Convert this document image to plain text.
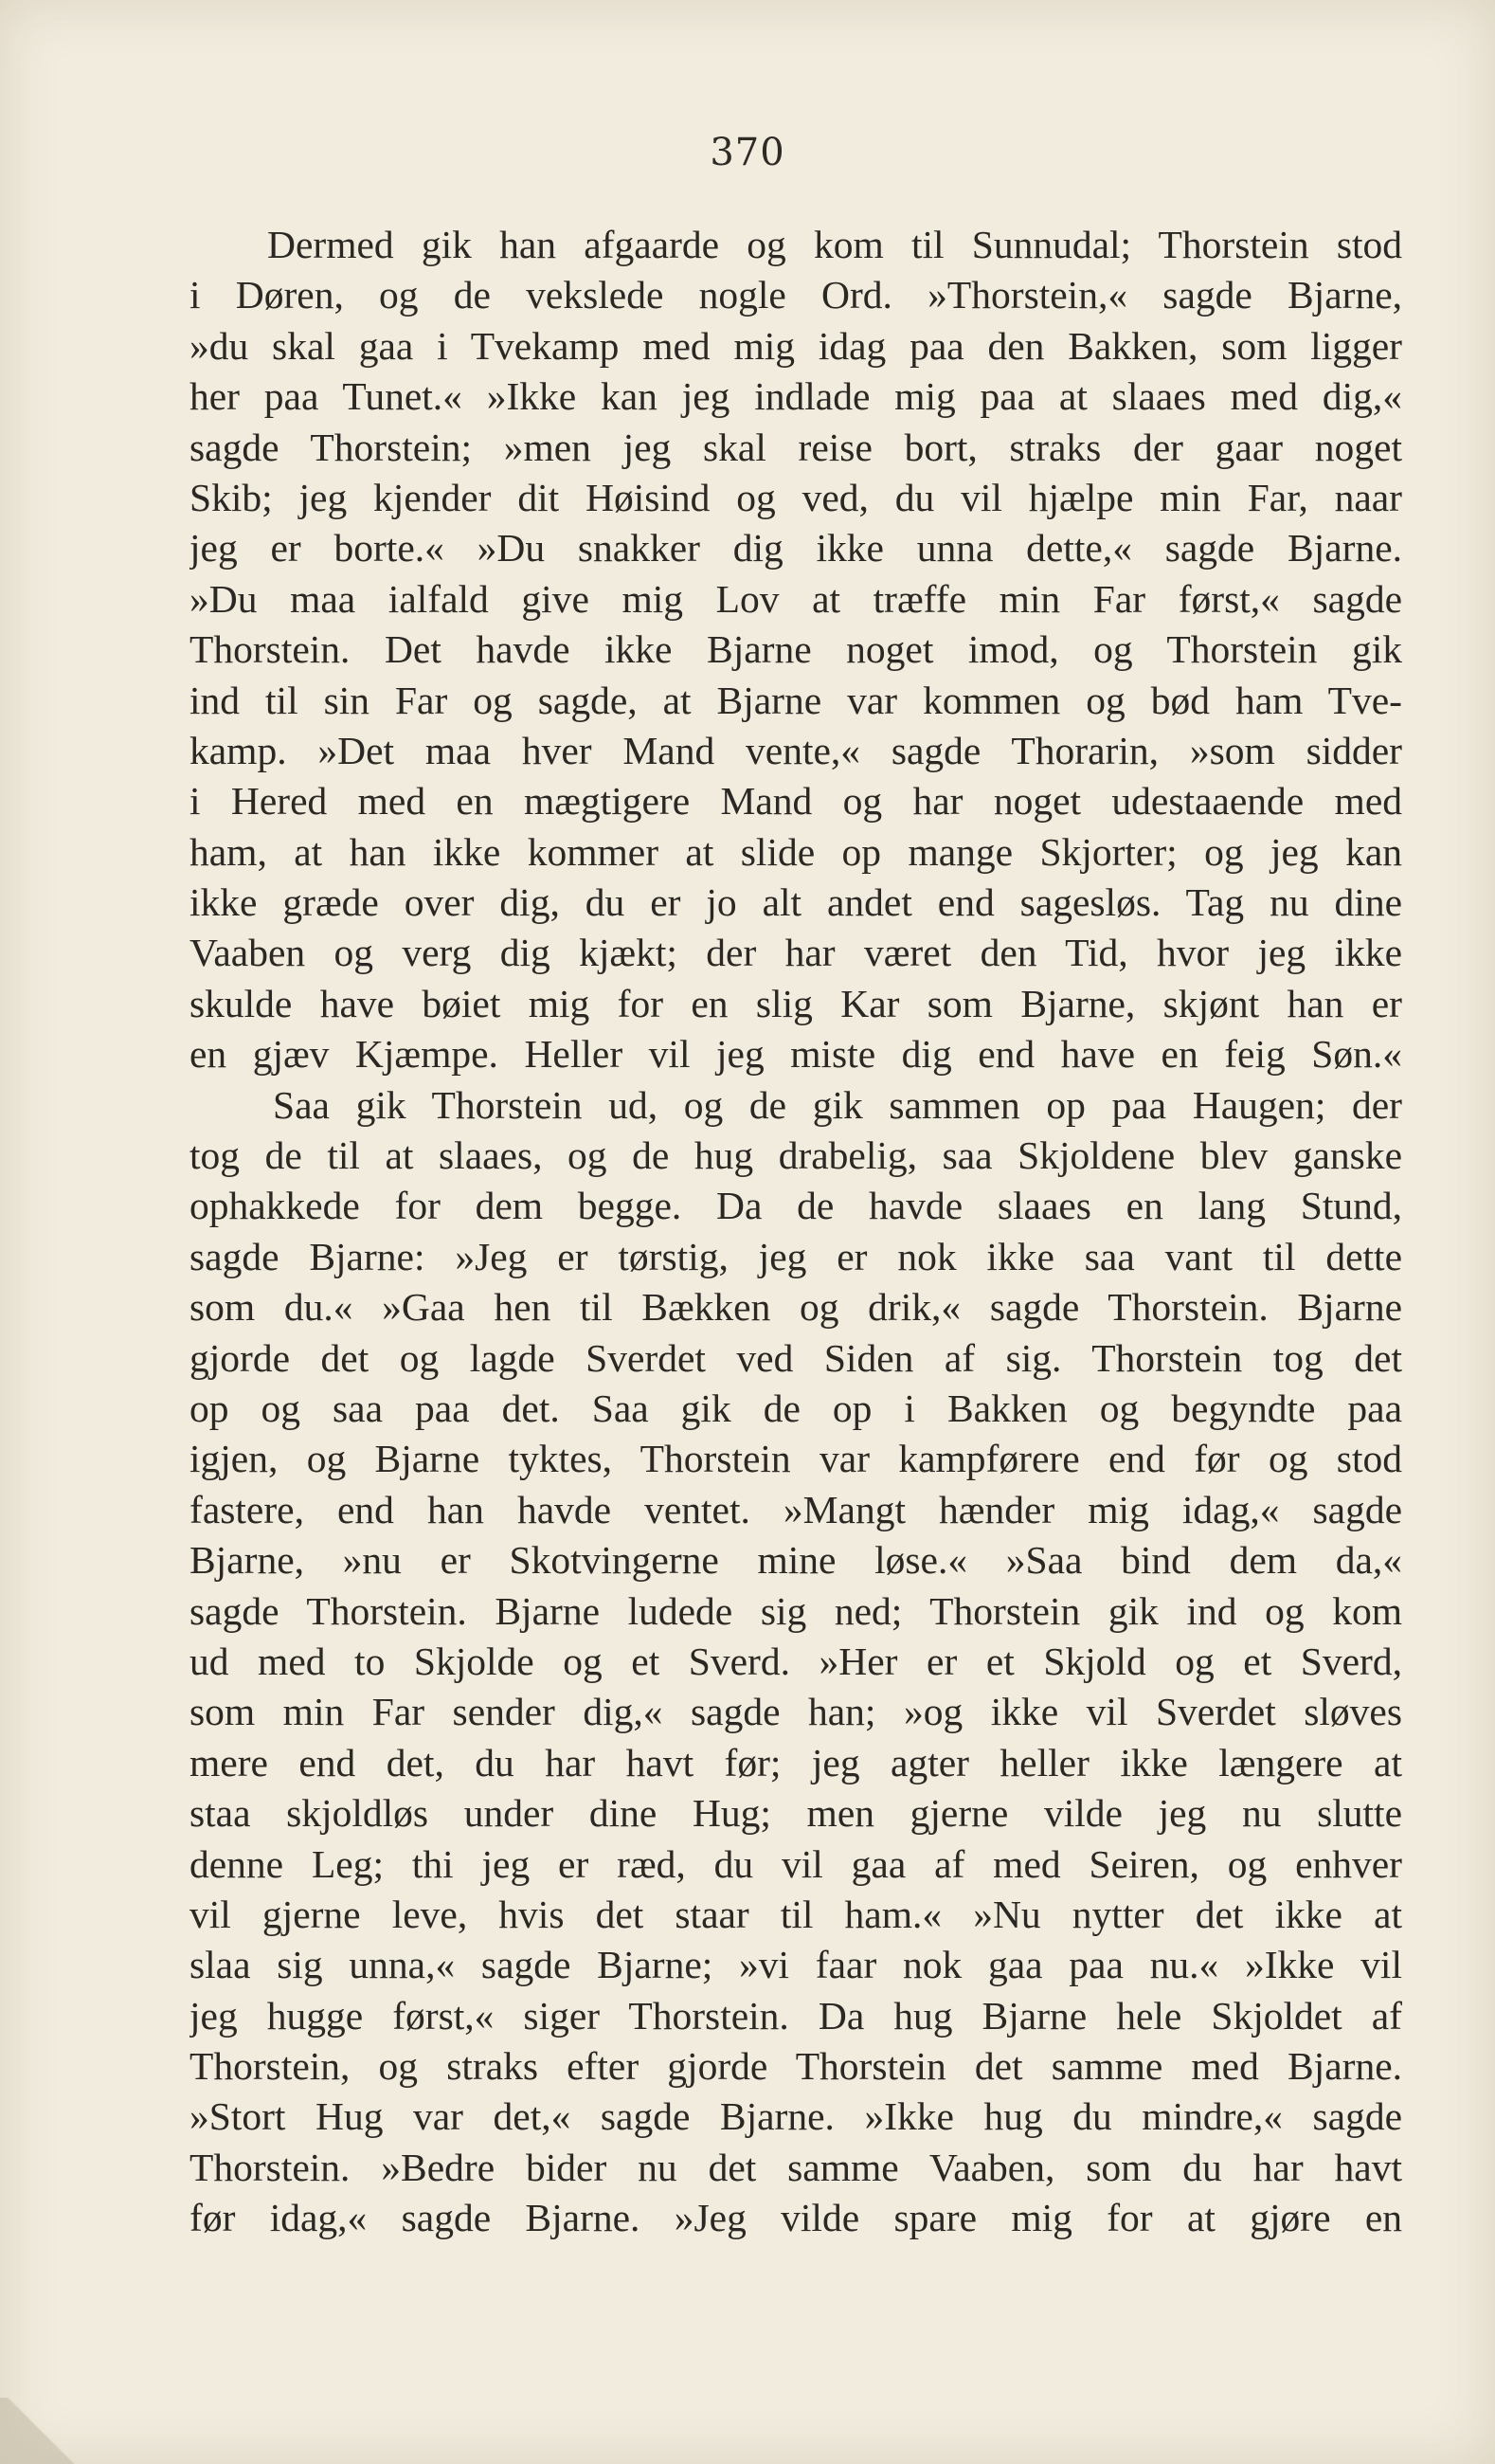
370
Dermed gik han afgaarde og kom til Sunnudal; Thorstein stod
i Døren, og de vekslede nogle Ord. »Thorstein,« sagde Bjarne,
»du skal gaa i Tvekamp med mig idag paa den Bakken, som ligger
her paa Tunet.« »Ikke kan jeg indlade mig paa at slaaes med dig,«
sagde Thorstein; »men jeg skal reise bort, straks der gaar noget
Skib; jeg kjender dit Høisind og ved, du vil hjælpe min Far, naar
jeg er borte.« »Du snakker dig ikke unna dette,« sagde Bjarne.
»Du maa ialfald give mig Lov at træffe min Far først,« sagde
Thorstein. Det havde ikke Bjarne noget imod, og Thorstein gik
ind til sin Far og sagde, at Bjarne var kommen og bød ham Tve-
kamp. »Det maa hver Mand vente,« sagde Thorarin, »som sidder
i Hered med en mægtigere Mand og har noget udestaaende med
ham, at han ikke kommer at slide op mange Skjorter; og jeg kan
ikke græde over dig, du er jo alt andet end sagesløs. Tag nu dine
Vaaben og verg dig kjækt; der har været den Tid, hvor jeg ikke
skulde have bøiet mig for en slig Kar som Bjarne, skjønt han er
en gjæv Kjæmpe. Heller vil jeg miste dig end have en feig Søn.«
Saa gik Thorstein ud, og de gik sammen op paa Haugen; der
tog de til at slaaes, og de hug drabelig, saa Skjoldene blev ganske
ophakkede for dem begge. Da de havde slaaes en lang Stund,
sagde Bjarne: »Jeg er tørstig, jeg er nok ikke saa vant til dette
som du.« »Gaa hen til Bækken og drik,« sagde Thorstein. Bjarne
gjorde det og lagde Sverdet ved Siden af sig. Thorstein tog det
op og saa paa det. Saa gik de op i Bakken og begyndte paa
igjen, og Bjarne tyktes, Thorstein var kampførere end før og stod
fastere, end han havde ventet. »Mangt hænder mig idag,« sagde
Bjarne, »nu er Skotvingerne mine løse.« »Saa bind dem da,«
sagde Thorstein. Bjarne ludede sig ned; Thorstein gik ind og kom
ud med to Skjolde og et Sverd. »Her er et Skjold og et Sverd,
som min Far sender dig,« sagde han; »og ikke vil Sverdet sløves
mere end det, du har havt før; jeg agter heller ikke længere at
staa skjoldløs under dine Hug; men gjerne vilde jeg nu slutte
denne Leg; thi jeg er ræd, du vil gaa af med Seiren, og enhver
vil gjerne leve, hvis det staar til ham.« »Nu nytter det ikke at
slaa sig unna,« sagde Bjarne; »vi faar nok gaa paa nu.« »Ikke vil
jeg hugge først,« siger Thorstein. Da hug Bjarne hele Skjoldet af
Thorstein, og straks efter gjorde Thorstein det samme med Bjarne.
»Stort Hug var det,« sagde Bjarne. »Ikke hug du mindre,« sagde
Thorstein. »Bedre bider nu det samme Vaaben, som du har havt
før idag,« sagde Bjarne. »Jeg vilde spare mig for at gjøre en
